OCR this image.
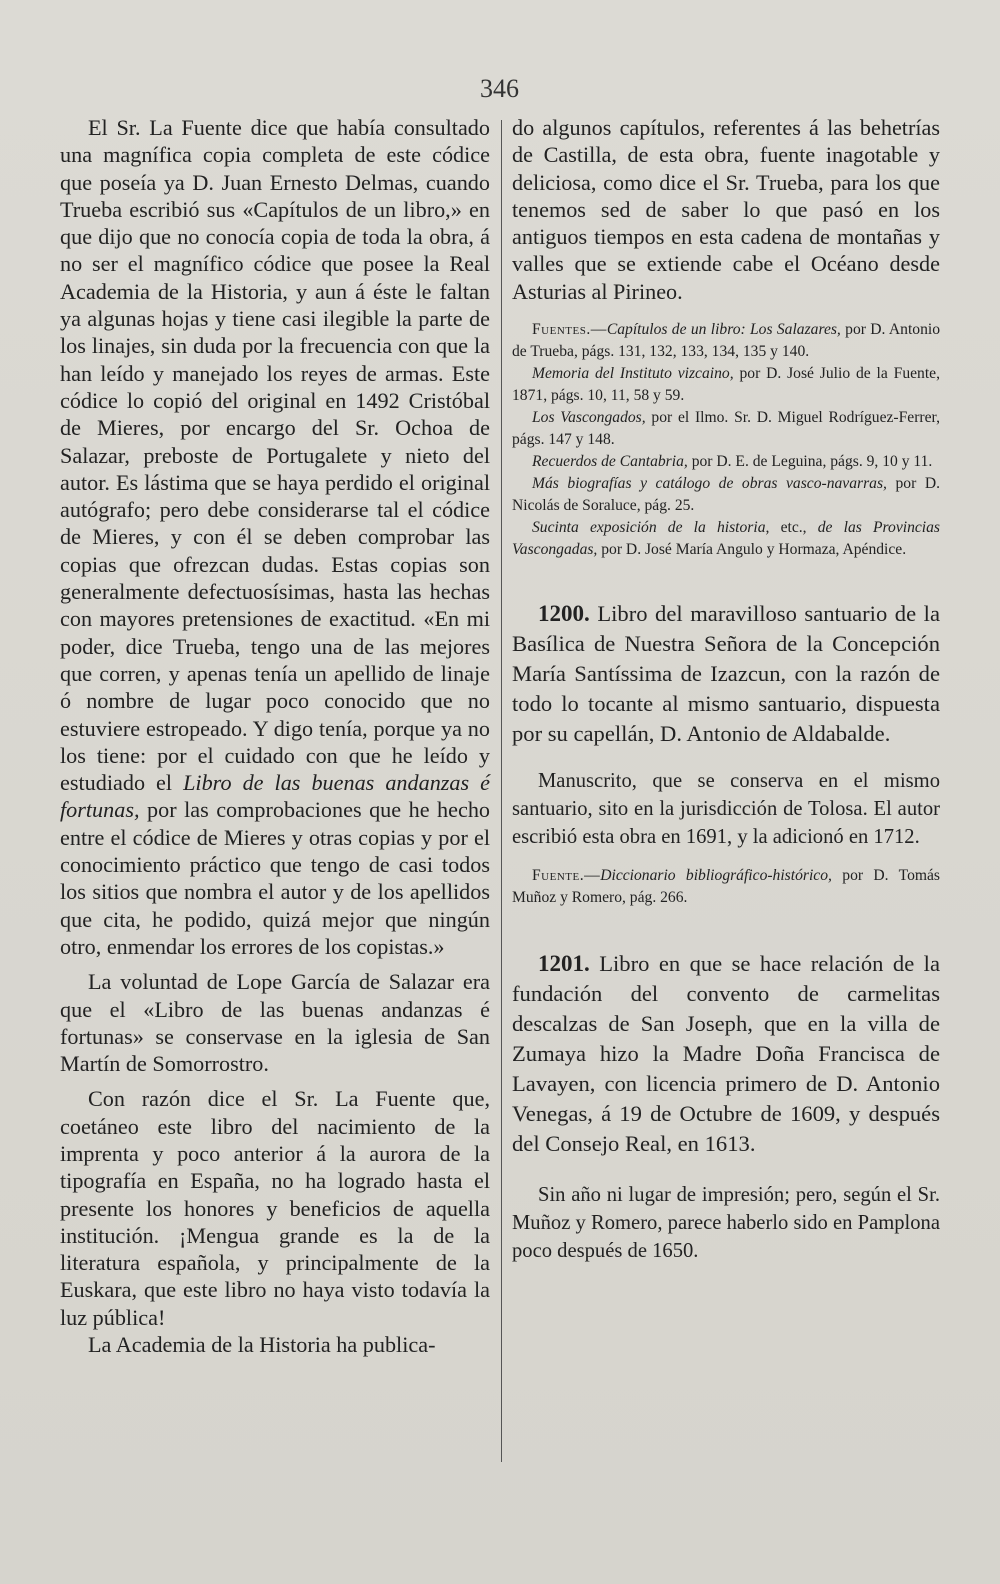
346

El Sr. La Fuente dice que había consultado una magnífica copia completa de este códice que poseía ya D. Juan Ernesto Delmas, cuando Trueba escribió sus «Capítulos de un libro,» en que dijo que no conocía copia de toda la obra, á no ser el magnífico códice que posee la Real Academia de la Historia, y aun á éste le faltan ya algunas hojas y tiene casi ilegible la parte de los linajes, sin duda por la frecuencia con que la han leído y manejado los reyes de armas. Este códice lo copió del original en 1492 Cristóbal de Mieres, por encargo del Sr. Ochoa de Salazar, preboste de Portugalete y nieto del autor. Es lástima que se haya perdido el original autógrafo; pero debe considerarse tal el códice de Mieres, y con él se deben comprobar las copias que ofrezcan dudas. Estas copias son generalmente defectuosísimas, hasta las hechas con mayores pretensiones de exactitud. «En mi poder, dice Trueba, tengo una de las mejores que corren, y apenas tenía un apellido de linaje ó nombre de lugar poco conocido que no estuviere estropeado. Y digo tenía, porque ya no los tiene: por el cuidado con que he leído y estudiado el Libro de las buenas andanzas é fortunas, por las comprobaciones que he hecho entre el códice de Mieres y otras copias y por el conocimiento práctico que tengo de casi todos los sitios que nombra el autor y de los apellidos que cita, he podido, quizá mejor que ningún otro, enmendar los errores de los copistas.»

La voluntad de Lope García de Salazar era que el «Libro de las buenas andanzas é fortunas» se conservase en la iglesia de San Martín de Somorrostro.

Con razón dice el Sr. La Fuente que, coetáneo este libro del nacimiento de la imprenta y poco anterior á la aurora de la tipografía en España, no ha logrado hasta el presente los honores y beneficios de aquella institución. ¡Mengua grande es la de la literatura española, y principalmente de la Euskara, que este libro no haya visto todavía la luz pública!

La Academia de la Historia ha publica-

do algunos capítulos, referentes á las behetrías de Castilla, de esta obra, fuente inagotable y deliciosa, como dice el Sr. Trueba, para los que tenemos sed de saber lo que pasó en los antiguos tiempos en esta cadena de montañas y valles que se extiende cabe el Océano desde Asturias al Pirineo.

Fuentes.—Capítulos de un libro: Los Salazares, por D. Antonio de Trueba, págs. 131, 132, 133, 134, 135 y 140.

Memoria del Instituto vizcaino, por D. José Julio de la Fuente, 1871, págs. 10, 11, 58 y 59.

Los Vascongados, por el Ilmo. Sr. D. Miguel Rodríguez-Ferrer, págs. 147 y 148.

Recuerdos de Cantabria, por D. E. de Leguina, págs. 9, 10 y 11.

Más biografías y catálogo de obras vasco-navarras, por D. Nicolás de Soraluce, pág. 25.

Sucinta exposición de la historia, etc., de las Provincias Vascongadas, por D. José María Angulo y Hormaza, Apéndice.

1200. Libro del maravilloso santuario de la Basílica de Nuestra Señora de la Concepción María Santíssima de Izazcun, con la razón de todo lo tocante al mismo santuario, dispuesta por su capellán, D. Antonio de Aldabalde.

Manuscrito, que se conserva en el mismo santuario, sito en la jurisdicción de Tolosa. El autor escribió esta obra en 1691, y la adicionó en 1712.

Fuente.—Diccionario bibliográfico-histórico, por D. Tomás Muñoz y Romero, pág. 266.

1201. Libro en que se hace relación de la fundación del convento de carmelitas descalzas de San Joseph, que en la villa de Zumaya hizo la Madre Doña Francisca de Lavayen, con licencia primero de D. Antonio Venegas, á 19 de Octubre de 1609, y después del Consejo Real, en 1613.

Sin año ni lugar de impresión; pero, según el Sr. Muñoz y Romero, parece haberlo sido en Pamplona poco después de 1650.
